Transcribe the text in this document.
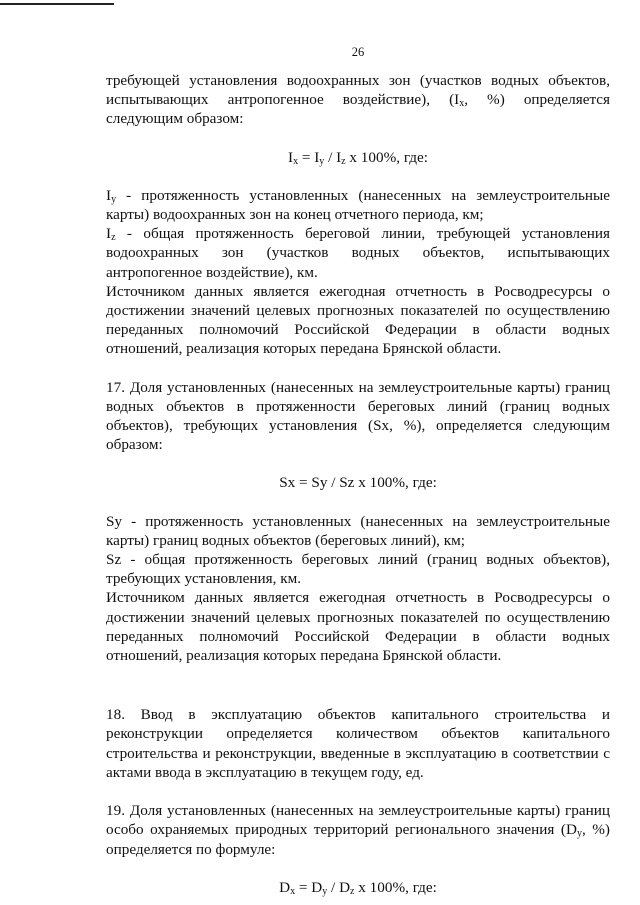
26

требующей установления водоохранных зон (участков водных объектов, испытывающих антропогенное воздействие), ($I_x$, %) определяется следующим образом:

$I_x = I_y / I_z$ x 100%, где:

$I_y$ - протяженность установленных (нанесенных на землеустроительные карты) водоохранных зон на конец отчетного периода, км;

$I_z$ - общая протяженность береговой линии, требующей установления водоохранных зон (участков водных объектов, испытывающих антропогенное воздействие), км.

Источником данных является ежегодная отчетность в Росводресурсы о достижении значений целевых прогнозных показателей по осуществлению переданных полномочий Российской Федерации в области водных отношений, реализация которых передана Брянской области.

17. Доля установленных (нанесенных на землеустроительные карты) границ водных объектов в протяженности береговых линий (границ водных объектов), требующих установления (Sx, %), определяется следующим образом:

Sx = Sy / Sz x 100%, где:

Sy - протяженность установленных (нанесенных на землеустроительные карты) границ водных объектов (береговых линий), км;

Sz - общая протяженность береговых линий (границ водных объектов), требующих установления, км.

Источником данных является ежегодная отчетность в Росводресурсы о достижении значений целевых прогнозных показателей по осуществлению переданных полномочий Российской Федерации в области водных отношений, реализация которых передана Брянской области.

18. Ввод в эксплуатацию объектов капитального строительства и реконструкции определяется количеством объектов капитального строительства и реконструкции, введенные в эксплуатацию в соответствии с актами ввода в эксплуатацию в текущем году, ед.

19. Доля установленных (нанесенных на землеустроительные карты) границ особо охраняемых природных территорий регионального значения ($D_y$, %) определяется по формуле:

$D_x = D_y / D_z$ x 100%, где:
